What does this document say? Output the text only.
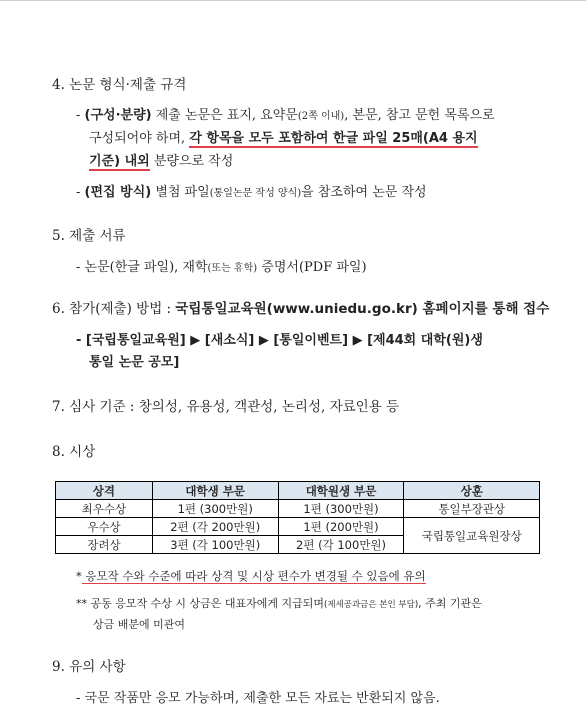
4. 논문 형식·제출 규격
- (구성·분량) 제출 논문은 표지, 요약문(2쪽 이내), 본문, 참고 문헌 목록으로
구성되어야 하며, 각 항목을 모두 포함하여 한글 파일 25매(A4 용지
기준) 내외 분량으로 작성
- (편집 방식) 별첨 파일(통일논문 작성 양식)을 참조하여 논문 작성
5. 제출 서류
- 논문(한글 파일), 재학(또는 휴학) 증명서(PDF 파일)
6. 참가(제출) 방법 : 국립통일교육원(www.uniedu.go.kr) 홈페이지를 통해 접수
- [국립통일교육원] ▶ [새소식] ▶ [통일이벤트] ▶ [제44회 대학(원)생
통일 논문 공모]
7. 심사 기준 : 창의성, 유용성, 객관성, 논리성, 자료인용 등
8. 시상
상격	대학생 부문	대학원생 부문	상훈
최우수상	1편 (300만원)	1편 (300만원)	통일부장관상
우수상	2편 (각 200만원)	1편 (200만원)	국립통일교육원장상
장려상	3편 (각 100만원)	2편 (각 100만원)	
* 응모작 수와 수준에 따라 상격 및 시상 편수가 변경될 수 있음에 유의
** 공동 응모작 수상 시 상금은 대표자에게 지급되며(제세공과금은 본인 부담), 주최 기관은
상금 배분에 미관여
9. 유의 사항
- 국문 작품만 응모 가능하며, 제출한 모든 자료는 반환되지 않음.
